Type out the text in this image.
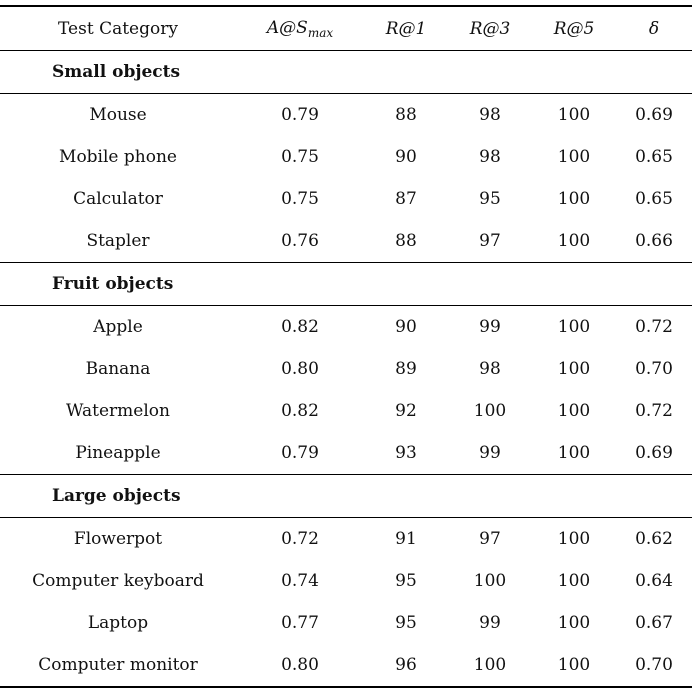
Test Category	$A@S_{max}$	R@1	R@3	R@5	δ
Small objects					
Mouse	0.79	88	98	100	0.69
Mobile phone	0.75	90	98	100	0.65
Calculator	0.75	87	95	100	0.65
Stapler	0.76	88	97	100	0.66
Fruit objects					
Apple	0.82	90	99	100	0.72
Banana	0.80	89	98	100	0.70
Watermelon	0.82	92	100	100	0.72
Pineapple	0.79	93	99	100	0.69
Large objects					
Flowerpot	0.72	91	97	100	0.62
Computer keyboard	0.74	95	100	100	0.64
Laptop	0.77	95	99	100	0.67
Computer monitor	0.80	96	100	100	0.70
